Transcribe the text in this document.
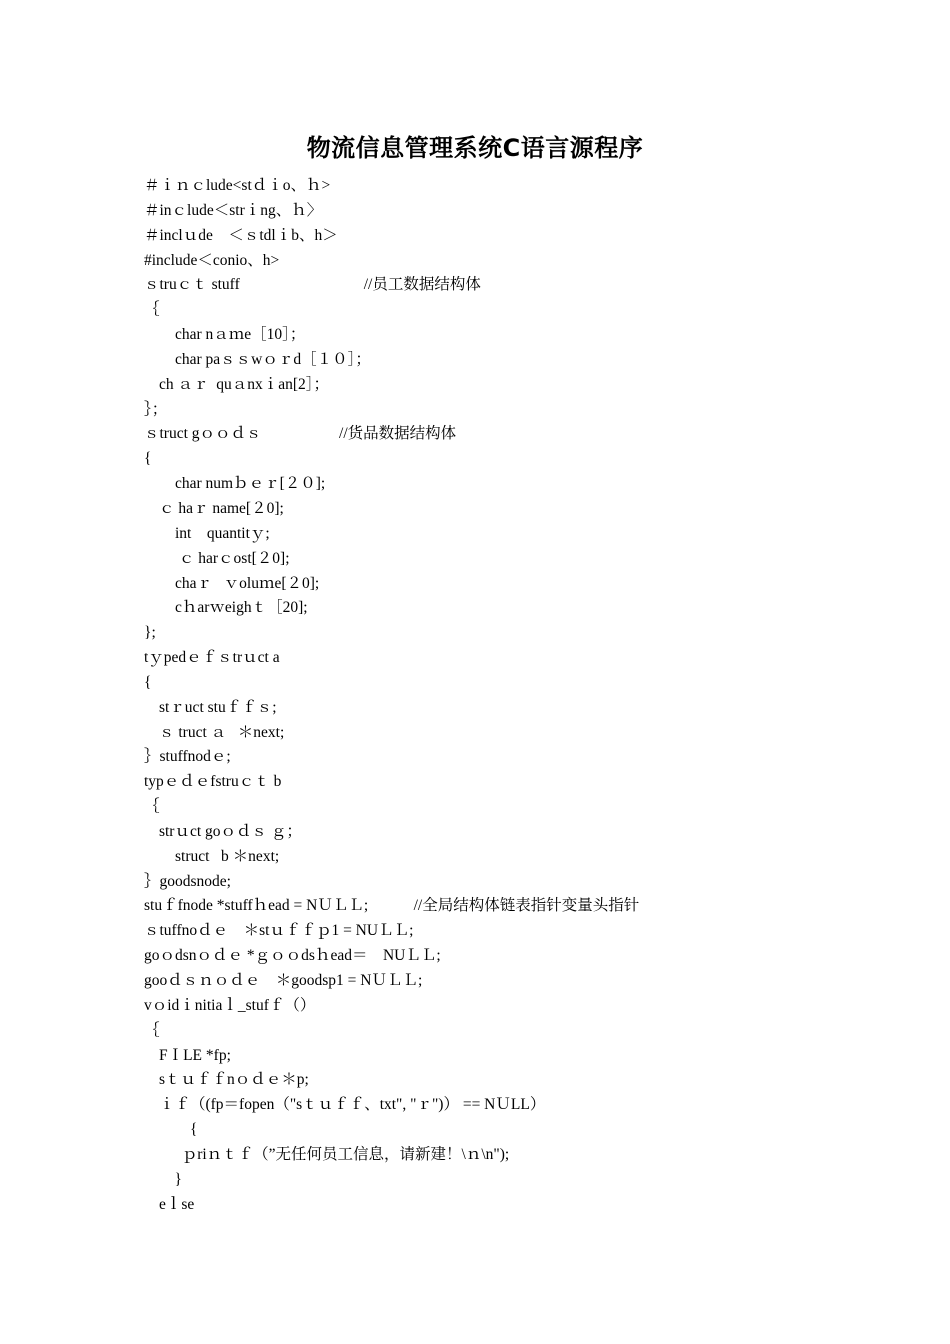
物流信息管理系统C语言源程序
＃ｉｎｃlude<stｄｉo、ｈ>
＃inｃlude＜strｉng、ｈ〉
＃inclｕde　＜ｓtdlｉb、h＞
#include＜conio、h>
ｓtruｃｔ stuff　　　　　　　　//员工数据结构体
｛
char nａｍe［10］；
char paｓｓwｏｒd［１０］；
ﾠch ａｒ  quａnxｉan[2］；
｝；
ｓtruct gｏｏｄｓ　　　　　//货品数据结构体
{
char numｂｅｒ[２０];
ﾠｃ haｒ name[２0];
int    quantitｙ;
ｃ harｃost[２0];
chaｒ   ｖoluｍe[２0];
cｈarｗeighｔ［20];
};
tｙpedｅｆｓtrｕct a
{
ﾠstｒuct stuｆｆｓ;
ﾠｓ truct ａ   ＊next;
｝stuffnodｅ;
typｅｄｅfstruｃｔ b
｛
ﾠstrｕct goｏｄｓ ｇ；
struct   b ＊next;
｝goodsnode;
stuｆfnode *stuffｈead = NＵＬＬ;ﾠﾠ　//全局结构体链表指针变量头指针
ｓtuffnoｄｅ　＊stｕｆｆｐ1 = NUＬＬ;
goｏdsnｏｄｅ *ｇｏｏdsｈead＝　NUＬＬ;
gooｄｓｎｏｄｅ　＊goodsp1 = NＵＬＬ;
vｏidｉnitiaｌ_stufｆ（）
｛
ﾠFＩLE *fp;
ﾠsｔｕｆｆnｏｄｅ＊p;
ﾠｉｆ（(fp＝fopen（"sｔｕｆｆ、txt", "ｒ")） == NＵLL）
ﾠ{
ﾠﾠ  ｐriｎｔｆ（”无任何员工信息，请新建！\ｎ\n");
ﾠ    }
ﾠeｌse
